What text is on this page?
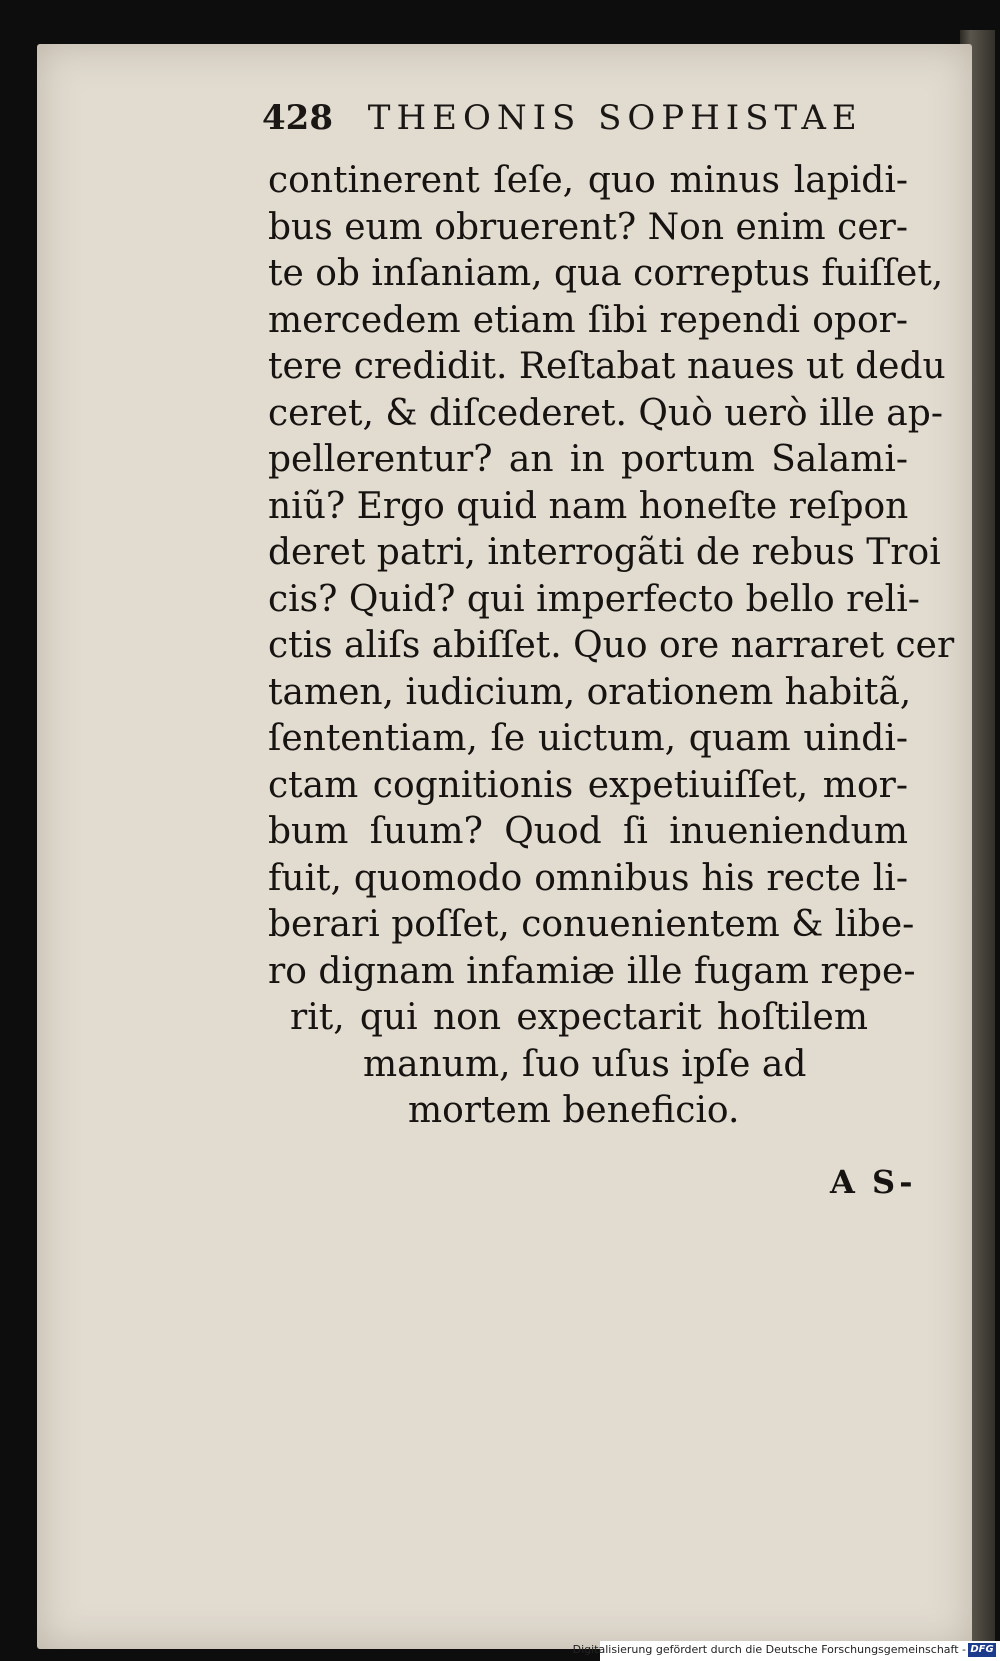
428 THEONIS SOPHISTAE
continerent ſeſe, quo minus lapidi-
bus eum obruerent? Non enim cer-
te ob inſaniam, qua correptus fuiſſet,
mercedem etiam ſibi rependi opor-
tere credidit. Reſtabat naues ut dedu
ceret, & diſcederet. Quò uerò ille ap-
pellerentur? an in portum Salami-
niũ? Ergo quid nam honeſte reſpon
deret patri, interrogãti de rebus Troi
cis? Quid? qui imperfecto bello reli-
ctis aliſs abiſſet. Quo ore narraret cer
tamen, iudicium, orationem habitã,
ſententiam, ſe uictum, quam uindi-
ctam cognitionis expetiuiſſet, mor-
bum ſuum? Quod ſi inueniendum
fuit, quomodo omnibus his recte li-
berari poſſet, conuenientem & libe-
ro dignam infamiæ ille fugam repe-
rit, qui non expectarit hoſtilem
manum, ſuo uſus ipſe ad
mortem beneficio.
A S-
Digitalisierung gefördert durch die Deutsche Forschungsgemeinschaft - DFG
